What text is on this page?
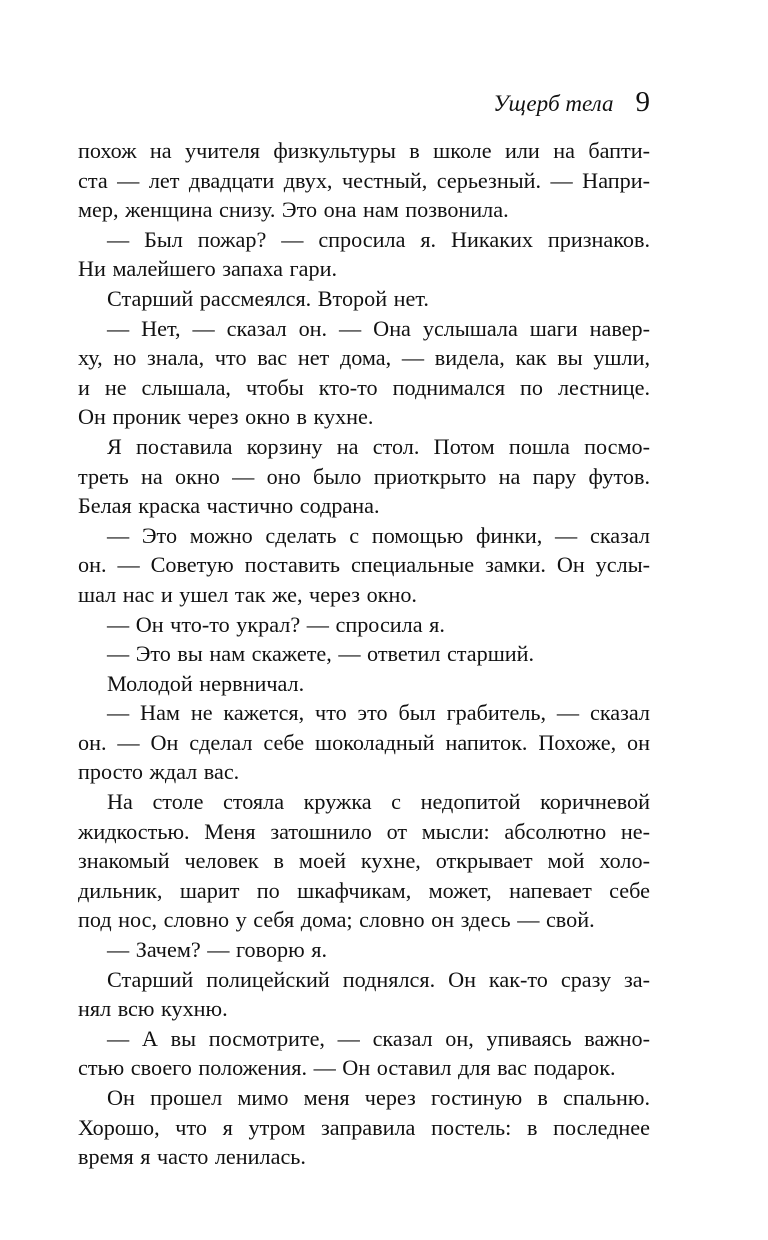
Ущерб тела 9
похож на учителя физкультуры в школе или на бапти-
ста — лет двадцати двух, честный, серьезный. — Напри-
мер, женщина снизу. Это она нам позвонила.
— Был пожар? — спросила я. Никаких признаков.
Ни малейшего запаха гари.
Старший рассмеялся. Второй нет.
— Нет, — сказал он. — Она услышала шаги навер-
ху, но знала, что вас нет дома, — видела, как вы ушли,
и не слышала, чтобы кто-то поднимался по лестнице.
Он проник через окно в кухне.
Я поставила корзину на стол. Потом пошла посмо-
треть на окно — оно было приоткрыто на пару футов.
Белая краска частично содрана.
— Это можно сделать с помощью финки, — сказал
он. — Советую поставить специальные замки. Он услы-
шал нас и ушел так же, через окно.
— Он что-то украл? — спросила я.
— Это вы нам скажете, — ответил старший.
Молодой нервничал.
— Нам не кажется, что это был грабитель, — сказал
он. — Он сделал себе шоколадный напиток. Похоже, он
просто ждал вас.
На столе стояла кружка с недопитой коричневой
жидкостью. Меня затошнило от мысли: абсолютно не-
знакомый человек в моей кухне, открывает мой холо-
дильник, шарит по шкафчикам, может, напевает себе
под нос, словно у себя дома; словно он здесь — свой.
— Зачем? — говорю я.
Старший полицейский поднялся. Он как-то сразу за-
нял всю кухню.
— А вы посмотрите, — сказал он, упиваясь важно-
стью своего положения. — Он оставил для вас подарок.
Он прошел мимо меня через гостиную в спальню.
Хорошо, что я утром заправила постель: в последнее
время я часто ленилась.
